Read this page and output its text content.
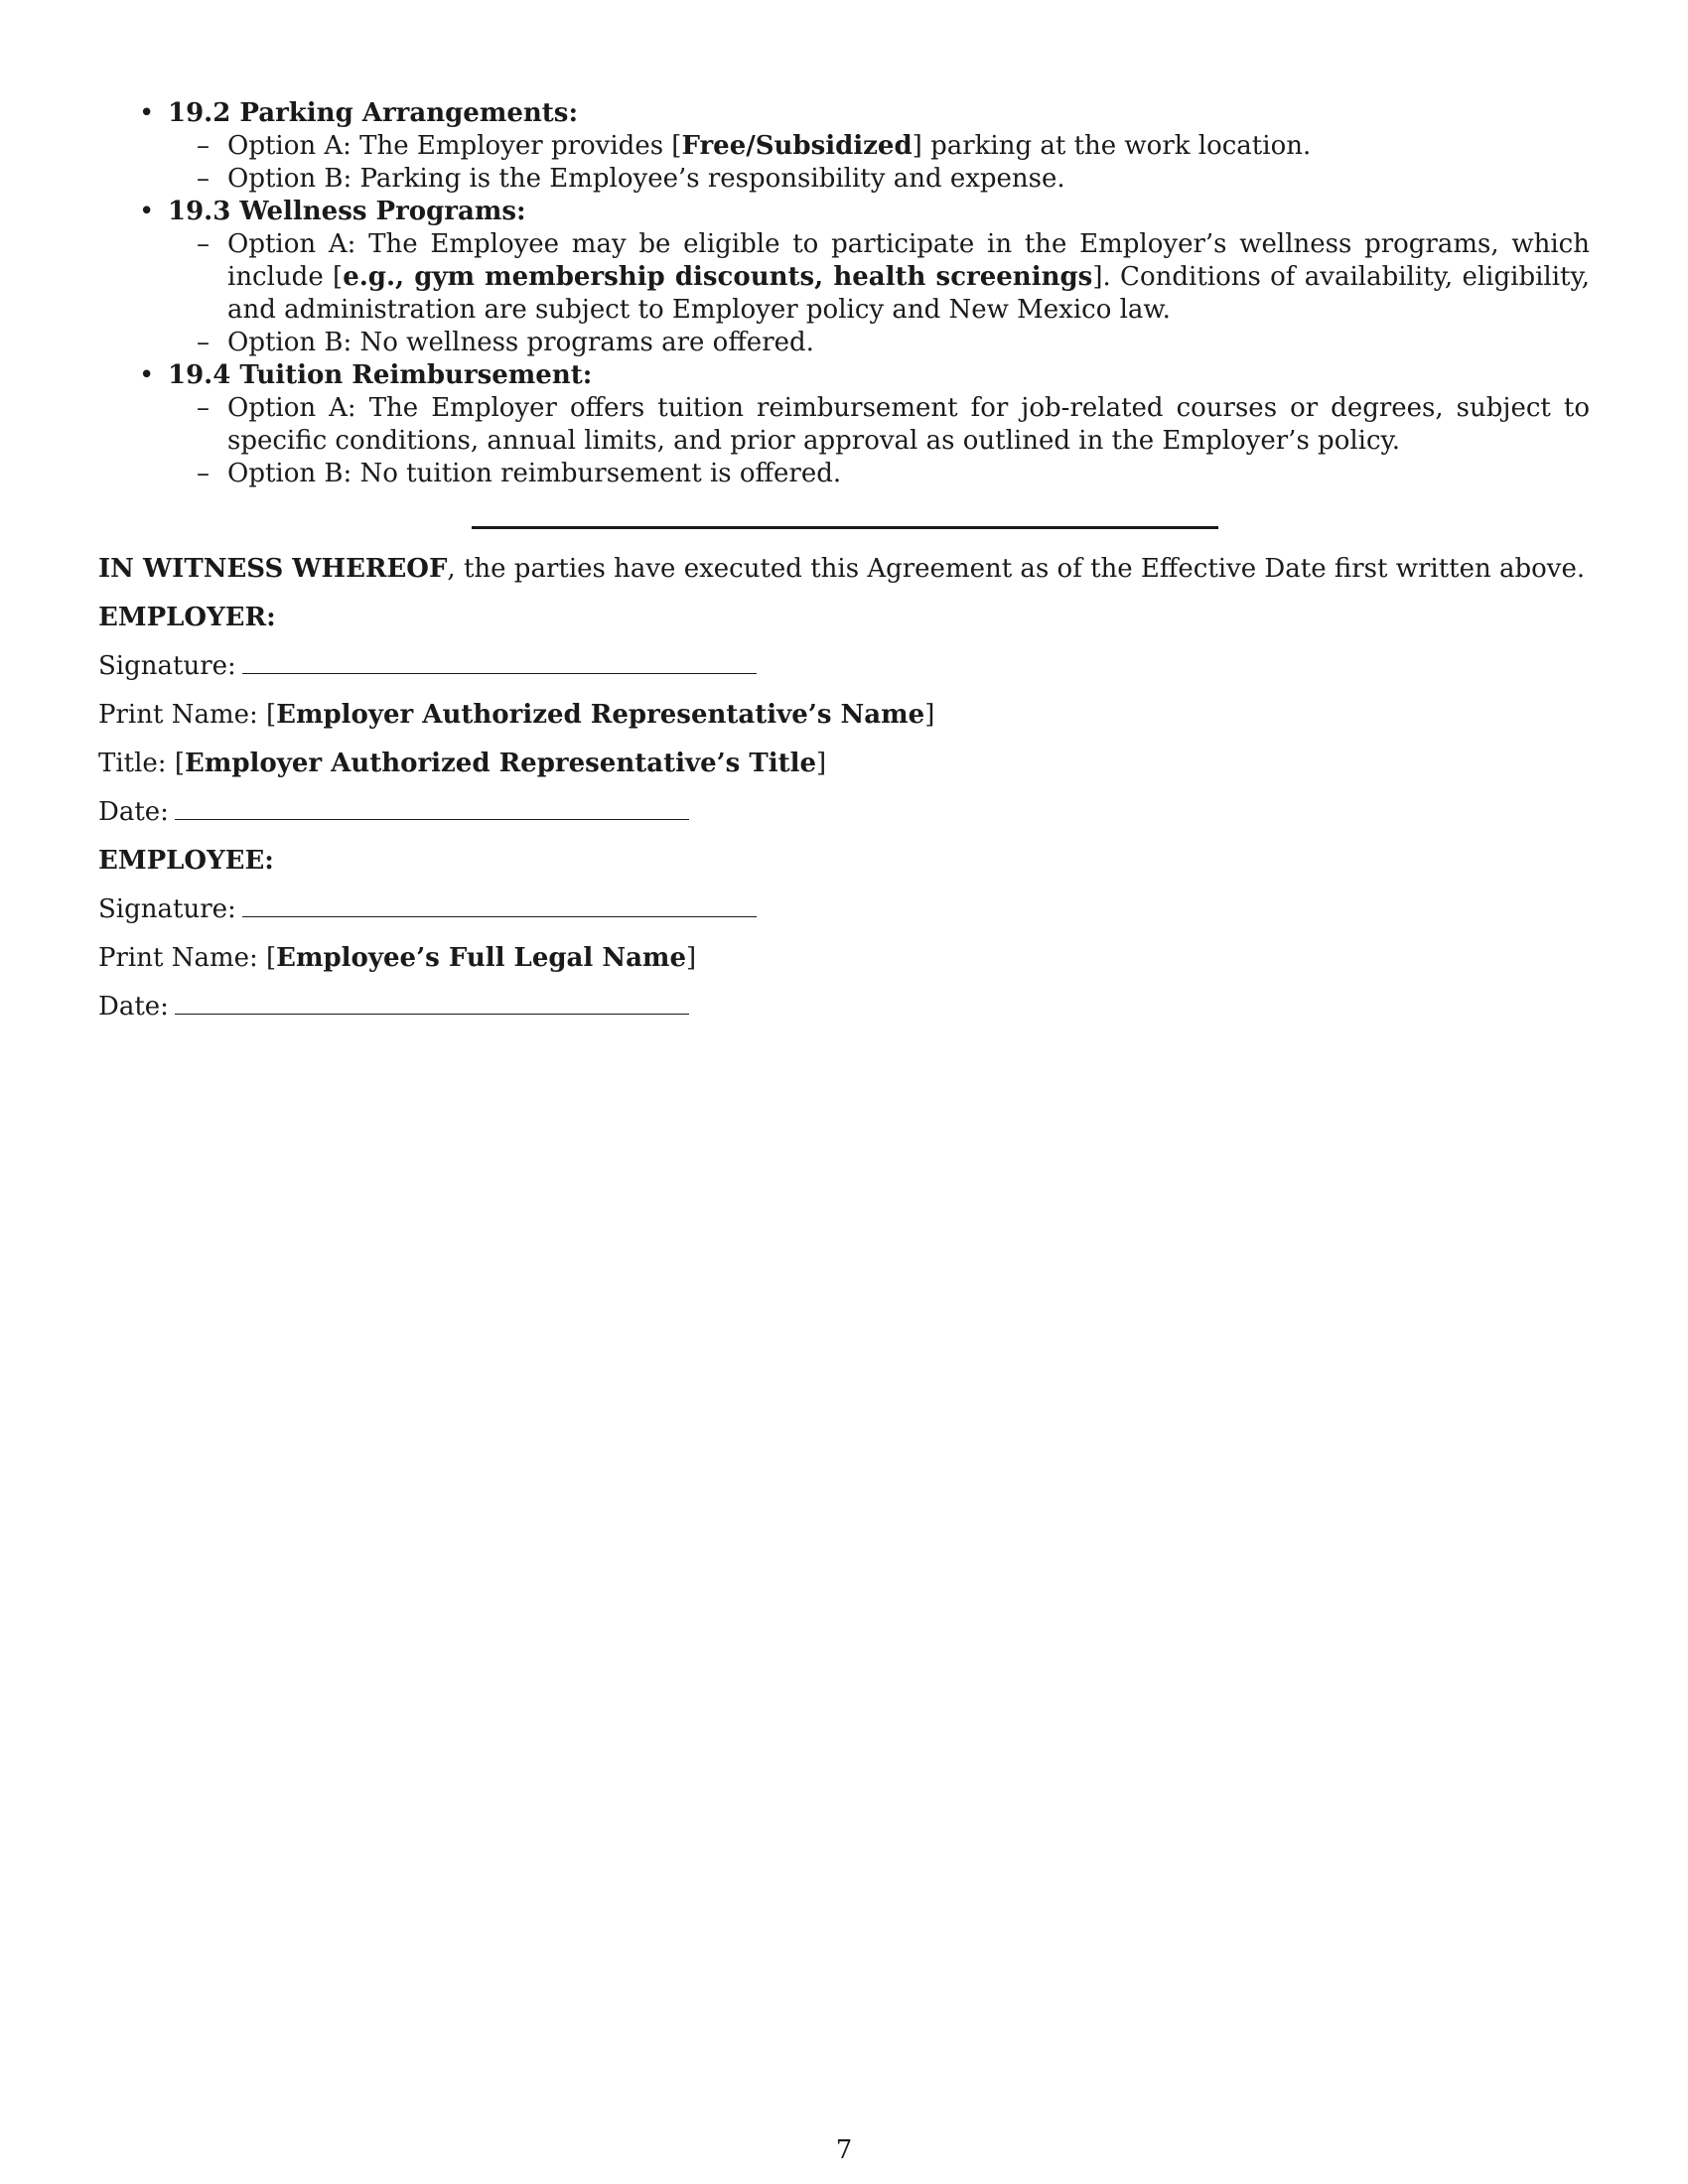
• 19.2 Parking Arrangements:
– Option A: The Employer provides [Free/Subsidized] parking at the work location.
– Option B: Parking is the Employee’s responsibility and expense.
• 19.3 Wellness Programs:
– Option A: The Employee may be eligible to participate in the Employer’s wellness programs, which include [e.g., gym membership discounts, health screenings]. Conditions of availability, eligibility, and administration are subject to Employer policy and New Mexico law.
– Option B: No wellness programs are offered.
• 19.4 Tuition Reimbursement:
– Option A: The Employer offers tuition reimbursement for job-related courses or degrees, subject to specific conditions, annual limits, and prior approval as outlined in the Employer’s policy.
– Option B: No tuition reimbursement is offered.
IN WITNESS WHEREOF, the parties have executed this Agreement as of the Effective Date first written above.
EMPLOYER:
Signature:
Print Name: [Employer Authorized Representative’s Name]
Title: [Employer Authorized Representative’s Title]
Date:
EMPLOYEE:
Signature:
Print Name: [Employee’s Full Legal Name]
Date:
7
